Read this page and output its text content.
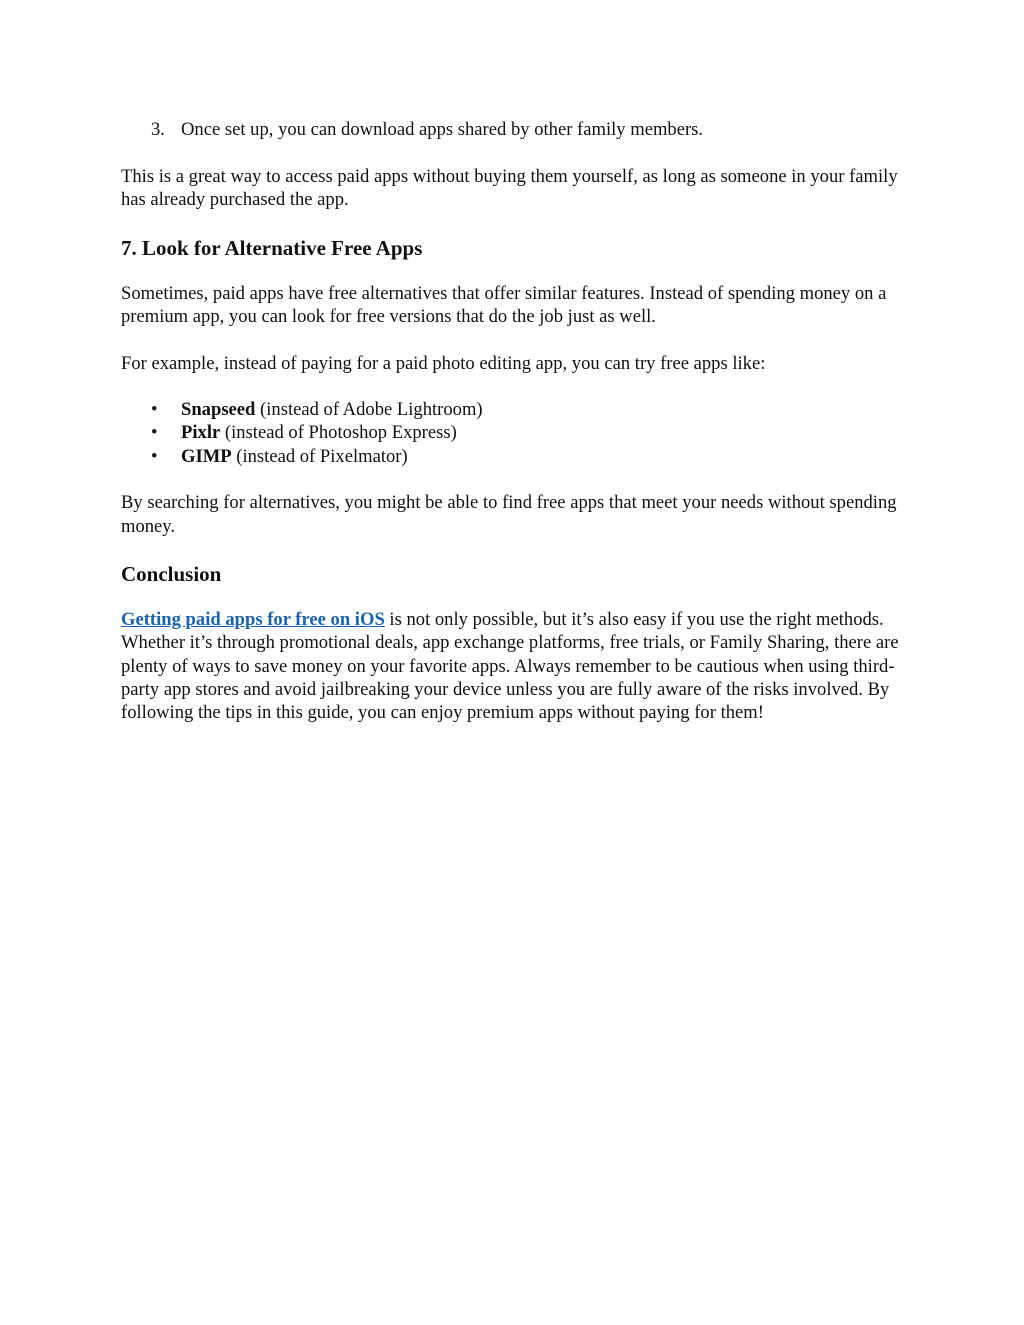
3. Once set up, you can download apps shared by other family members.

This is a great way to access paid apps without buying them yourself, as long as someone in your family has already purchased the app.

7. Look for Alternative Free Apps

Sometimes, paid apps have free alternatives that offer similar features. Instead of spending money on a premium app, you can look for free versions that do the job just as well.

For example, instead of paying for a paid photo editing app, you can try free apps like:

• Snapseed (instead of Adobe Lightroom)
• Pixlr (instead of Photoshop Express)
• GIMP (instead of Pixelmator)

By searching for alternatives, you might be able to find free apps that meet your needs without spending money.

Conclusion

Getting paid apps for free on iOS is not only possible, but it’s also easy if you use the right methods. Whether it’s through promotional deals, app exchange platforms, free trials, or Family Sharing, there are plenty of ways to save money on your favorite apps. Always remember to be cautious when using third-party app stores and avoid jailbreaking your device unless you are fully aware of the risks involved. By following the tips in this guide, you can enjoy premium apps without paying for them!
